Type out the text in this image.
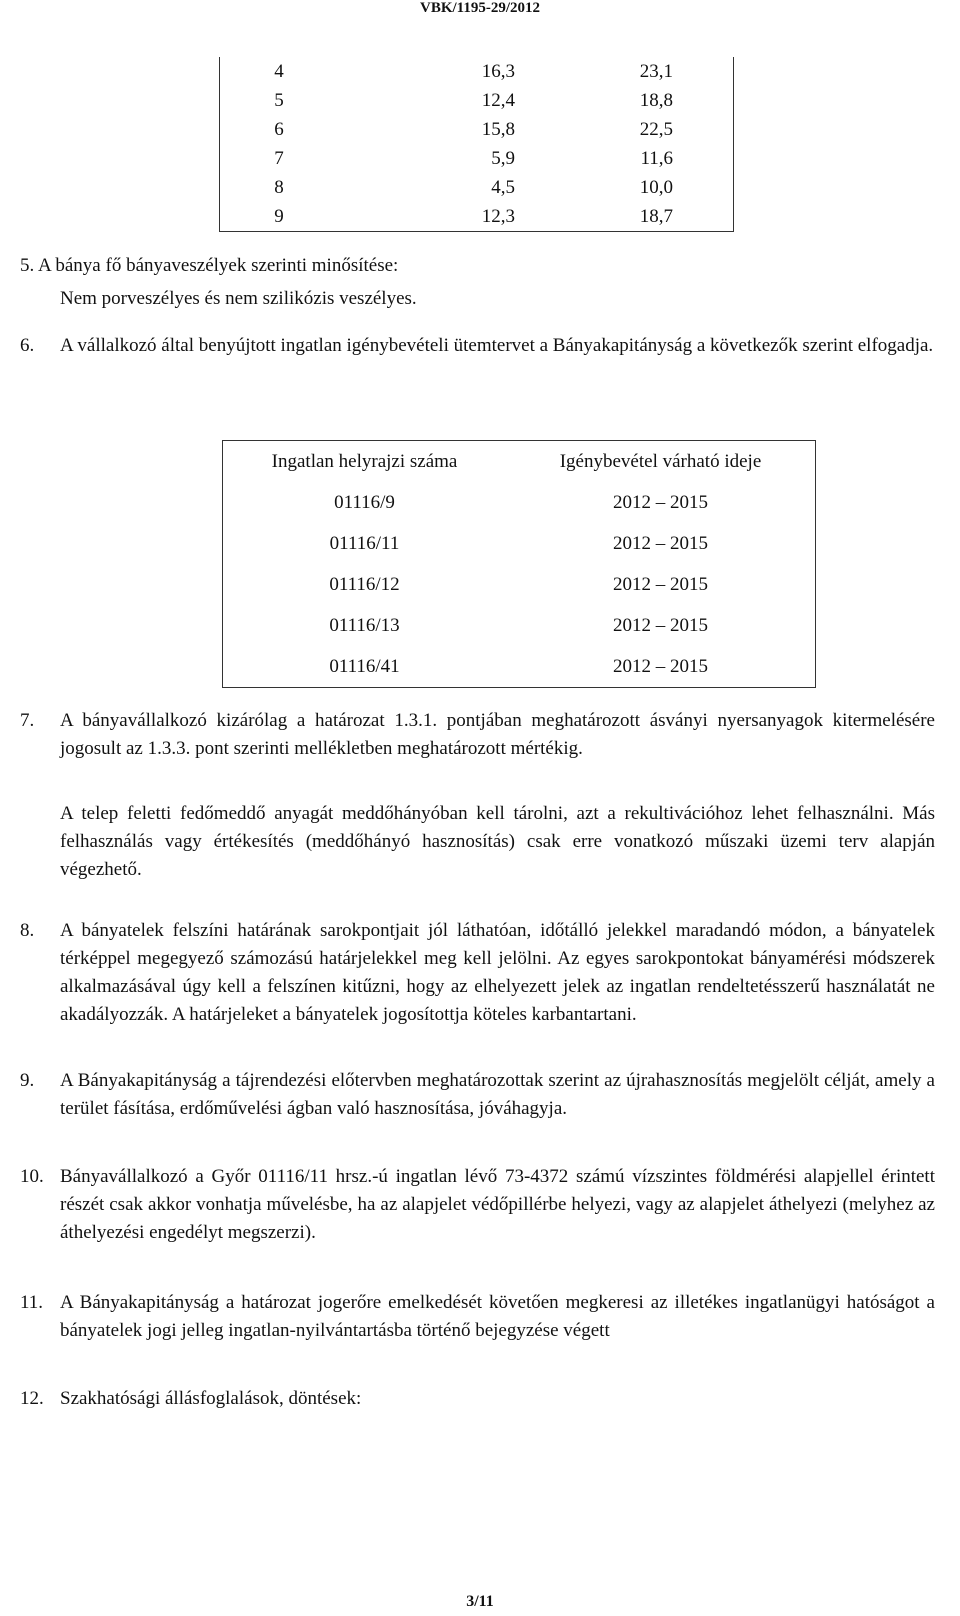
VBK/1195-29/2012
4	16,3	23,1
5	12,4	18,8
6	15,8	22,5
7	5,9	11,6
8	4,5	10,0
9	12,3	18,7
5. A bánya fő bányaveszélyek szerinti minősítése:
Nem porveszélyes és nem szilikózis veszélyes.
6. A vállalkozó által benyújtott ingatlan igénybevételi ütemtervet a Bányakapitányság a következők szerint elfogadja.
Ingatlan helyrajzi száma	Igénybevétel várható ideje
01116/9	2012 – 2015
01116/11	2012 – 2015
01116/12	2012 – 2015
01116/13	2012 – 2015
01116/41	2012 – 2015
7. A bányavállalkozó kizárólag a határozat 1.3.1. pontjában meghatározott ásványi nyersanyagok kitermelésére jogosult az 1.3.3. pont szerinti mellékletben meghatározott mértékig.
A telep feletti fedőmeddő anyagát meddőhányóban kell tárolni, azt a rekultivációhoz lehet felhasználni. Más felhasználás vagy értékesítés (meddőhányó hasznosítás) csak erre vonatkozó műszaki üzemi terv alapján végezhető.
8. A bányatelek felszíni határának sarokpontjait jól láthatóan, időtálló jelekkel maradandó módon, a bányatelek térképpel megegyező számozású határjelekkel meg kell jelölni. Az egyes sarokpontokat bányamérési módszerek alkalmazásával úgy kell a felszínen kitűzni, hogy az elhelyezett jelek az ingatlan rendeltetésszerű használatát ne akadályozzák. A határjeleket a bányatelek jogosítottja köteles karbantartani.
9. A Bányakapitányság a tájrendezési előtervben meghatározottak szerint az újrahasznosítás megjelölt célját, amely a terület fásítása, erdőművelési ágban való hasznosítása, jóváhagyja.
10. Bányavállalkozó a Győr 01116/11 hrsz.-ú ingatlan lévő 73-4372 számú vízszintes földmérési alapjellel érintett részét csak akkor vonhatja művelésbe, ha az alapjelet védőpillérbe helyezi, vagy az alapjelet áthelyezi (melyhez az áthelyezési engedélyt megszerzi).
11. A Bányakapitányság a határozat jogerőre emelkedését követően megkeresi az illetékes ingatlanügyi hatóságot a bányatelek jogi jelleg ingatlan-nyilvántartásba történő bejegyzése végett
12. Szakhatósági állásfoglalások, döntések:
3/11
